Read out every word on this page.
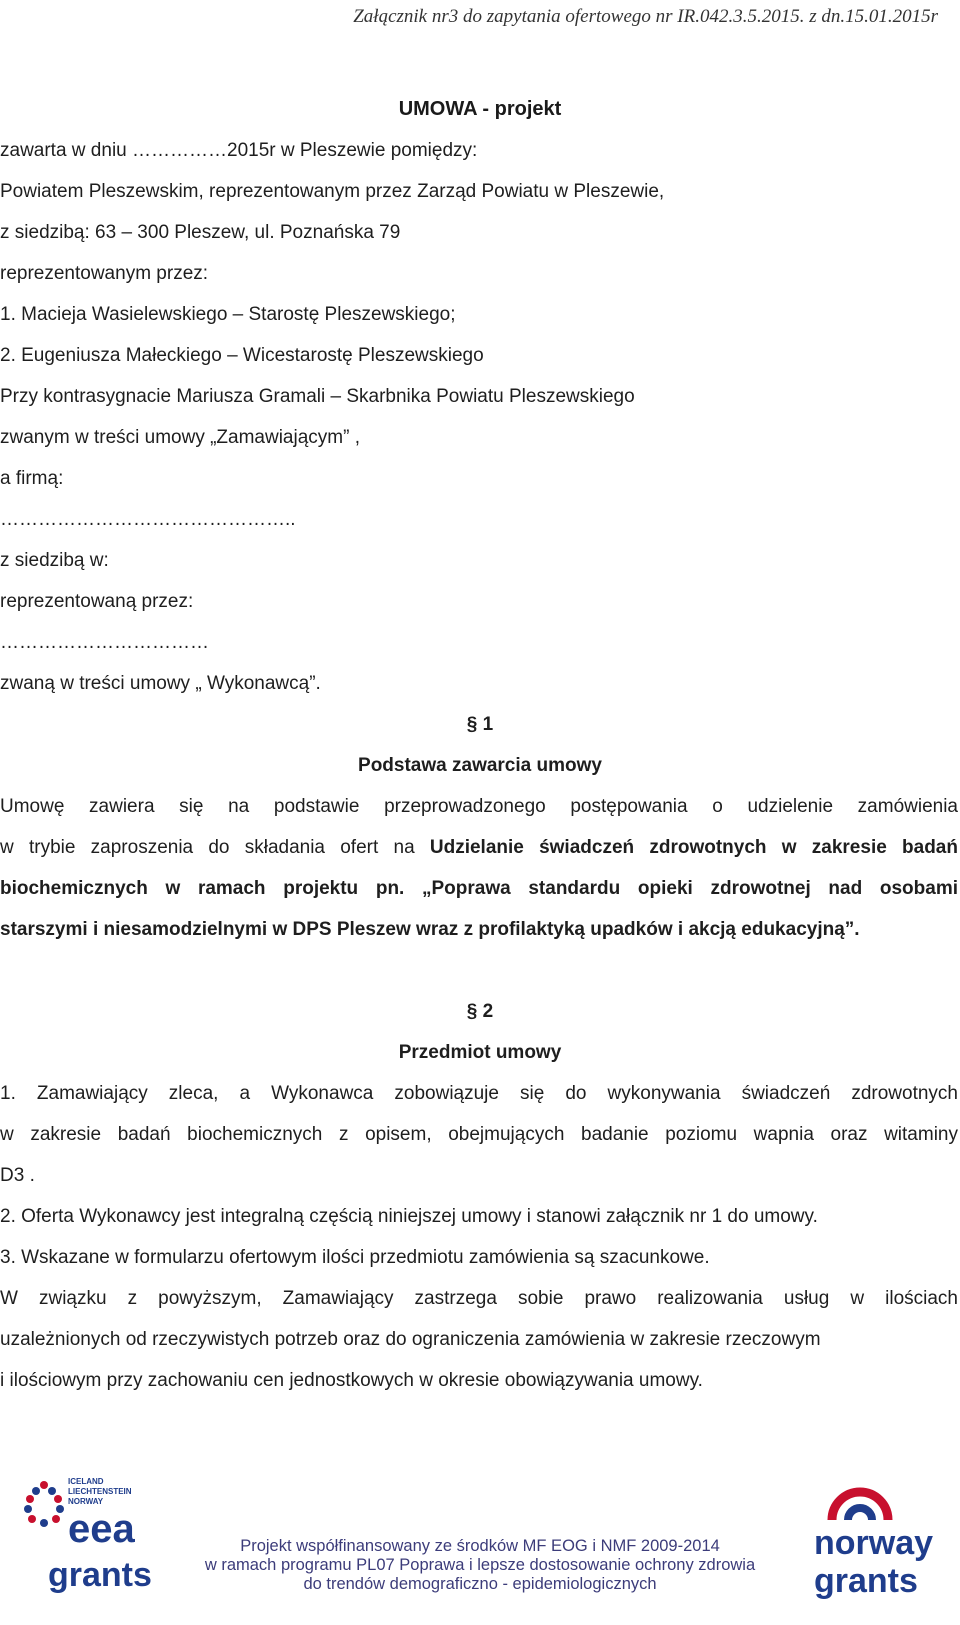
Załącznik nr3 do zapytania ofertowego nr IR.042.3.5.2015. z dn.15.01.2015r
UMOWA - projekt
zawarta w dniu ……………2015r w Pleszewie pomiędzy:
Powiatem Pleszewskim, reprezentowanym przez Zarząd Powiatu w Pleszewie,
z siedzibą: 63 – 300 Pleszew, ul. Poznańska 79
reprezentowanym przez:
1. Macieja Wasielewskiego – Starostę Pleszewskiego;
2. Eugeniusza Małeckiego – Wicestarostę Pleszewskiego
Przy kontrasygnacie Mariusza Gramali – Skarbnika Powiatu Pleszewskiego
zwanym w treści umowy „Zamawiającym” ,
a firmą:
………………………………………..
z siedzibą w:
reprezentowaną przez:
……………………………
zwaną w treści umowy „ Wykonawcą”.
§ 1
Podstawa zawarcia umowy
Umowę zawiera się na podstawie przeprowadzonego postępowania o udzielenie zamówienia
w trybie zaproszenia do składania ofert na Udzielanie świadczeń zdrowotnych w zakresie badań
biochemicznych w ramach projektu pn. „Poprawa standardu opieki zdrowotnej nad osobami
starszymi i niesamodzielnymi w DPS Pleszew wraz z profilaktyką upadków i akcją edukacyjną”.
§ 2
Przedmiot umowy
1. Zamawiający zleca, a Wykonawca zobowiązuje się do wykonywania świadczeń zdrowotnych
w zakresie badań biochemicznych z opisem, obejmujących badanie poziomu wapnia oraz witaminy
D3 .
2. Oferta Wykonawcy jest integralną częścią niniejszej umowy i stanowi załącznik nr 1 do umowy.
3. Wskazane w formularzu ofertowym ilości przedmiotu zamówienia są szacunkowe.
W związku z powyższym, Zamawiający zastrzega sobie prawo realizowania usług w ilościach
uzależnionych od rzeczywistych potrzeb oraz do ograniczenia zamówienia w zakresie rzeczowym
i ilościowym przy zachowaniu cen jednostkowych w okresie obowiązywania umowy.
ICELAND
LIECHTENSTEIN
NORWAY
eea
grants
Projekt współfinansowany ze środków MF EOG i NMF 2009-2014
w ramach programu PL07 Poprawa i lepsze dostosowanie ochrony zdrowia
do trendów demograficzno - epidemiologicznych
norway
grants
